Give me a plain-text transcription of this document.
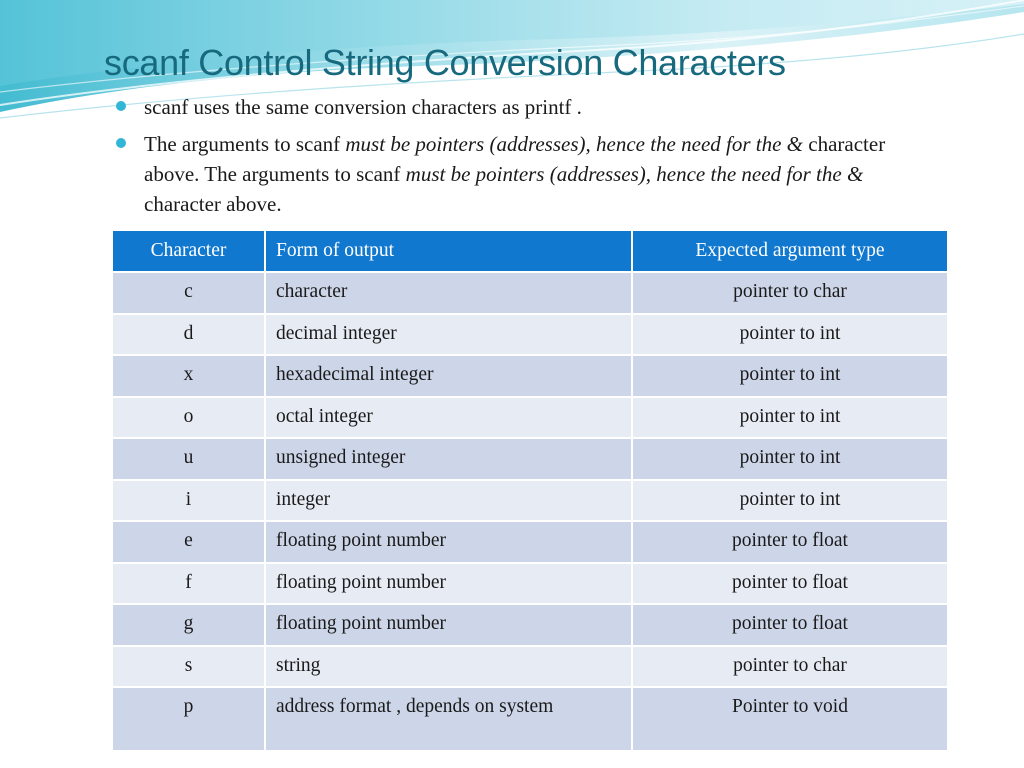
scanf Control String Conversion Characters
scanf uses the same conversion characters as printf .
The arguments to scanf must be pointers (addresses), hence the need for the & character above. The arguments to scanf must be pointers (addresses), hence the need for the & character above.
Character	Form of output	Expected argument type
c	character	pointer to char
d	decimal integer	pointer to int
x	hexadecimal integer	pointer to int
o	octal integer	pointer to int
u	unsigned integer	pointer to int
i	integer	pointer to int
e	floating point number	pointer to float
f	floating point number	pointer to float
g	floating point number	pointer to float
s	string	pointer to char
p	address format , depends on system	Pointer to void
